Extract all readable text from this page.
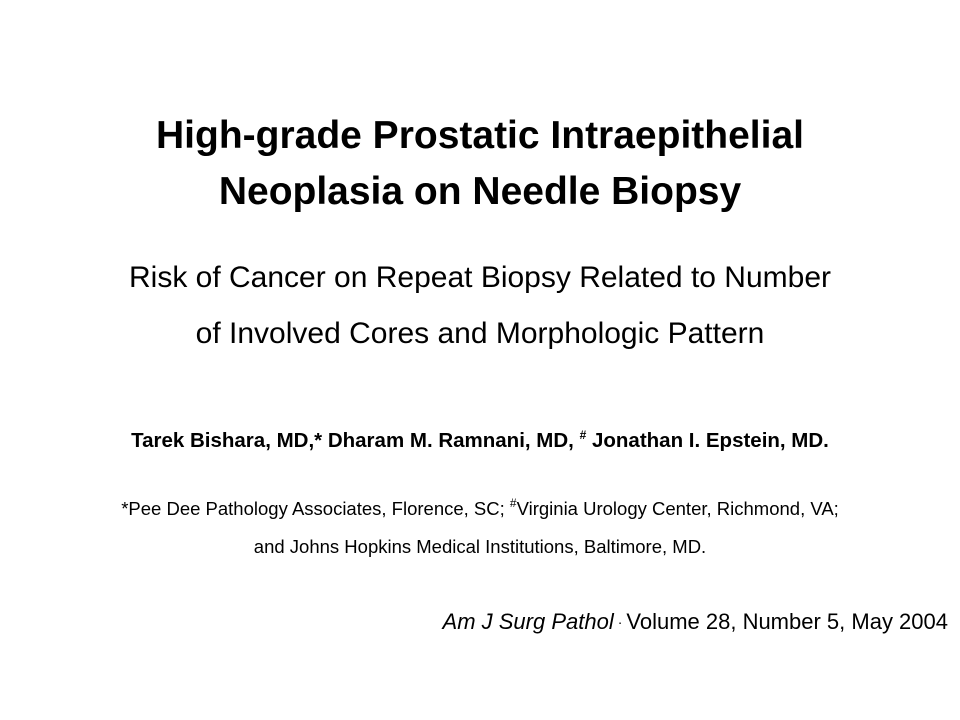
High-grade Prostatic Intraepithelial
Neoplasia on Needle Biopsy
Risk of Cancer on Repeat Biopsy Related to Number
of Involved Cores and Morphologic Pattern
Tarek Bishara, MD,* Dharam M. Ramnani, MD, # Jonathan I. Epstein, MD.
*Pee Dee Pathology Associates, Florence, SC; #Virginia Urology Center, Richmond, VA;
and Johns Hopkins Medical Institutions, Baltimore, MD.
Am J Surg Pathol · Volume 28, Number 5, May 2004
